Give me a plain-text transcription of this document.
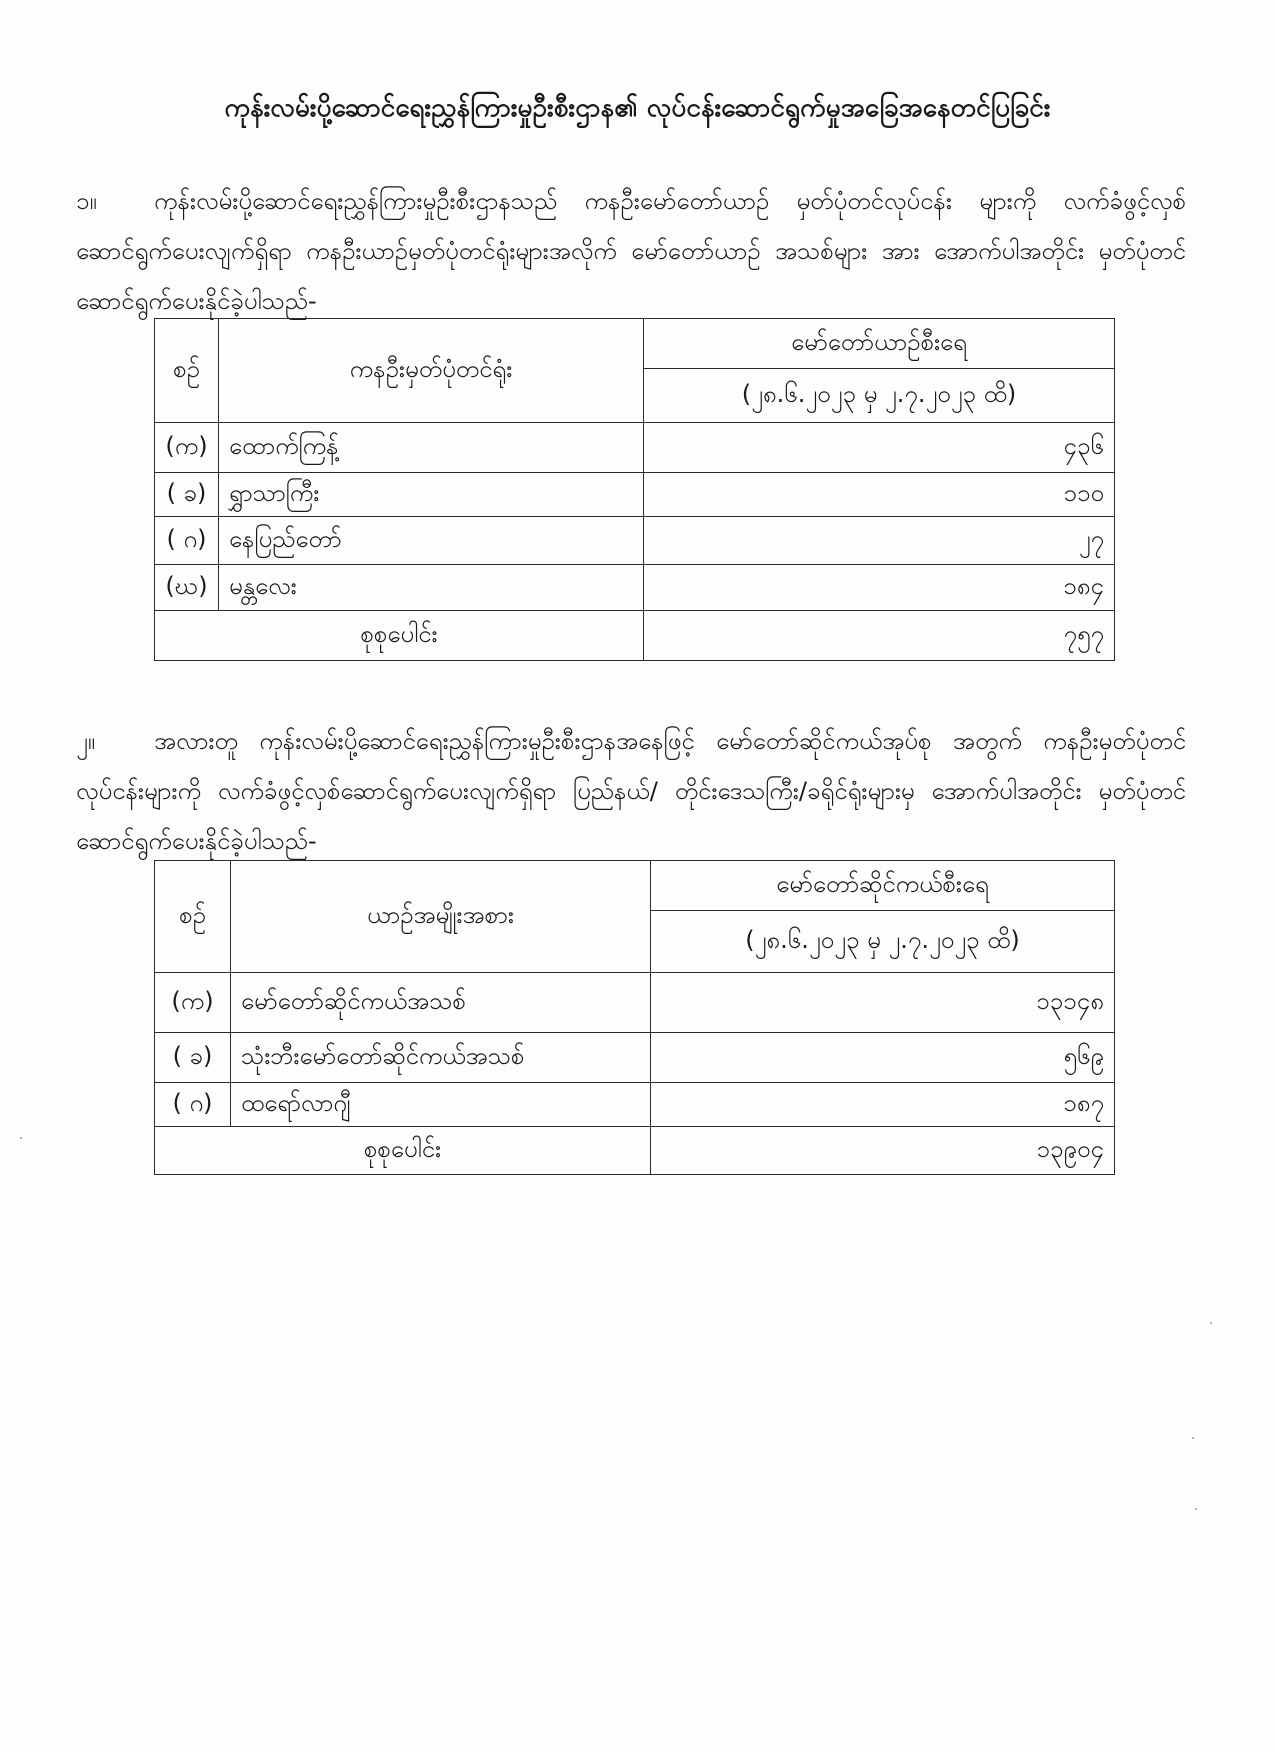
ကုန်းလမ်းပို့ဆောင်ရေးညွှန်ကြားမှုဦးစီးဌာန၏ လုပ်ငန်းဆောင်ရွက်မှုအခြေအနေတင်ပြခြင်း
၁။ ကုန်းလမ်းပို့ဆောင်ရေးညွှန်ကြားမှုဦးစီးဌာနသည် ကနဦးမော်တော်ယာဉ် မှတ်ပုံတင်လုပ်ငန်း များကို လက်ခံဖွင့်လှစ်ဆောင်ရွက်ပေးလျက်ရှိရာ ကနဦးယာဉ်မှတ်ပုံတင်ရုံးများအလိုက် မော်တော်ယာဉ် အသစ်များ အား အောက်ပါအတိုင်း မှတ်ပုံတင်ဆောင်ရွက်ပေးနိုင်ခဲ့ပါသည်-
စဉ်	ကနဦးမှတ်ပုံတင်ရုံး	မော်တော်ယာဉ်စီးရေ
		(၂၈.၆.၂၀၂၃ မှ ၂.၇.၂၀၂၃ ထိ)
(က)	ထောက်ကြန့်	၄၃၆
( ခ)	ရွှာသာကြီး	၁၁၀
( ဂ)	နေပြည်တော်	၂၇
(ဃ)	မန္တလေး	၁၈၄
စုစုပေါင်း		၇၅၇
၂။ အလားတူ ကုန်းလမ်းပို့ဆောင်ရေးညွှန်ကြားမှုဦးစီးဌာနအနေဖြင့် မော်တော်ဆိုင်ကယ်အုပ်စု အတွက် ကနဦးမှတ်ပုံတင်လုပ်ငန်းများကို လက်ခံဖွင့်လှစ်ဆောင်ရွက်ပေးလျက်ရှိရာ ပြည်နယ်/ တိုင်းဒေသကြီး/ခရိုင်ရုံးများမှ အောက်ပါအတိုင်း မှတ်ပုံတင်ဆောင်ရွက်ပေးနိုင်ခဲ့ပါသည်-
စဉ်	ယာဉ်အမျိုးအစား	မော်တော်ဆိုင်ကယ်စီးရေ
		(၂၈.၆.၂၀၂၃ မှ ၂.၇.၂၀၂၃ ထိ)
(က)	မော်တော်ဆိုင်ကယ်အသစ်	၁၃၁၄၈
( ခ)	သုံးဘီးမော်တော်ဆိုင်ကယ်အသစ်	၅၆၉
( ဂ)	ထရော်လာဂျီ	၁၈၇
စုစုပေါင်း		၁၃၉၀၄
